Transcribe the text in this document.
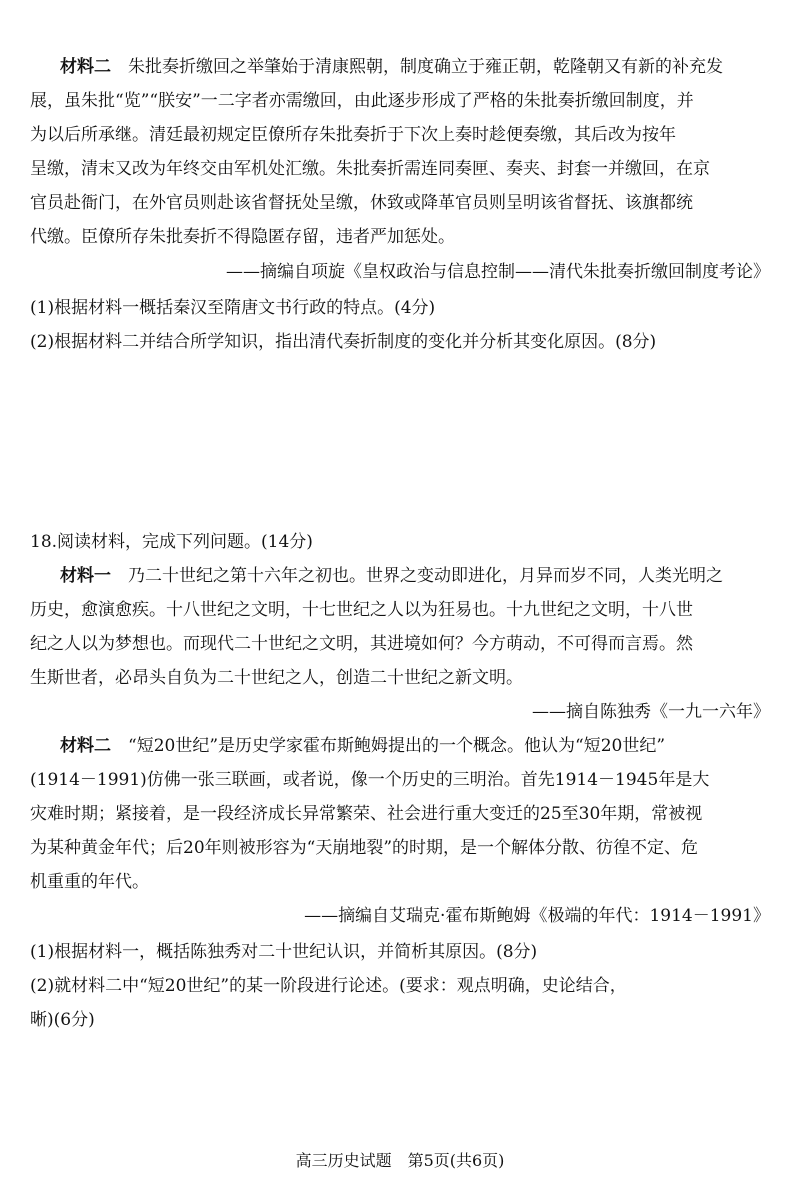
材料二　 朱批奏折缴回之举肇始于清康熙朝，制度确立于雍正朝，乾隆朝又有新的补充发
展，虽朱批“览”“朕安”一二字者亦需缴回，由此逐步形成了严格的朱批奏折缴回制度，并
为以后所承继。清廷最初规定臣僚所存朱批奏折于下次上奏时趁便奏缴，其后改为按年
呈缴，清末又改为年终交由军机处汇缴。朱批奏折需连同奏匣、奏夹、封套一并缴回，在京
官员赴衙门，在外官员则赴该省督抚处呈缴，休致或降革官员则呈明该省督抚、该旗都统
代缴。臣僚所存朱批奏折不得隐匿存留，违者严加惩处。
——摘编自项旋《皇权政治与信息控制——清代朱批奏折缴回制度考论》
(1)根据材料一概括秦汉至隋唐文书行政的特点。(4分)
(2)根据材料二并结合所学知识，指出清代奏折制度的变化并分析其变化原因。(8分)
18.阅读材料，完成下列问题。(14分)
材料一　 乃二十世纪之第十六年之初也。世界之变动即进化，月异而岁不同，人类光明之
历史，愈演愈疾。十八世纪之文明，十七世纪之人以为狂易也。十九世纪之文明，十八世
纪之人以为梦想也。而现代二十世纪之文明，其进境如何？今方萌动，不可得而言焉。然
生斯世者，必昂头自负为二十世纪之人，创造二十世纪之新文明。
——摘自陈独秀《一九一六年》
材料二　 “短20世纪”是历史学家霍布斯鲍姆提出的一个概念。他认为“短20世纪”
(1914－1991)仿佛一张三联画，或者说，像一个历史的三明治。首先1914－1945年是大
灾难时期；紧接着，是一段经济成长异常繁荣、社会进行重大变迁的25至30年期，常被视
为某种黄金年代；后20年则被形容为“天崩地裂”的时期，是一个解体分散、彷徨不定、危
机重重的年代。
——摘编自艾瑞克·霍布斯鲍姆《极端的年代：1914－1991》
(1)根据材料一，概括陈独秀对二十世纪认识，并简析其原因。(8分)
(2)就材料二中“短20世纪”的某一阶段进行论述。(要求：观点明确，史论结合，
晰)(6分)
高三历史试题　第5页(共6页)
